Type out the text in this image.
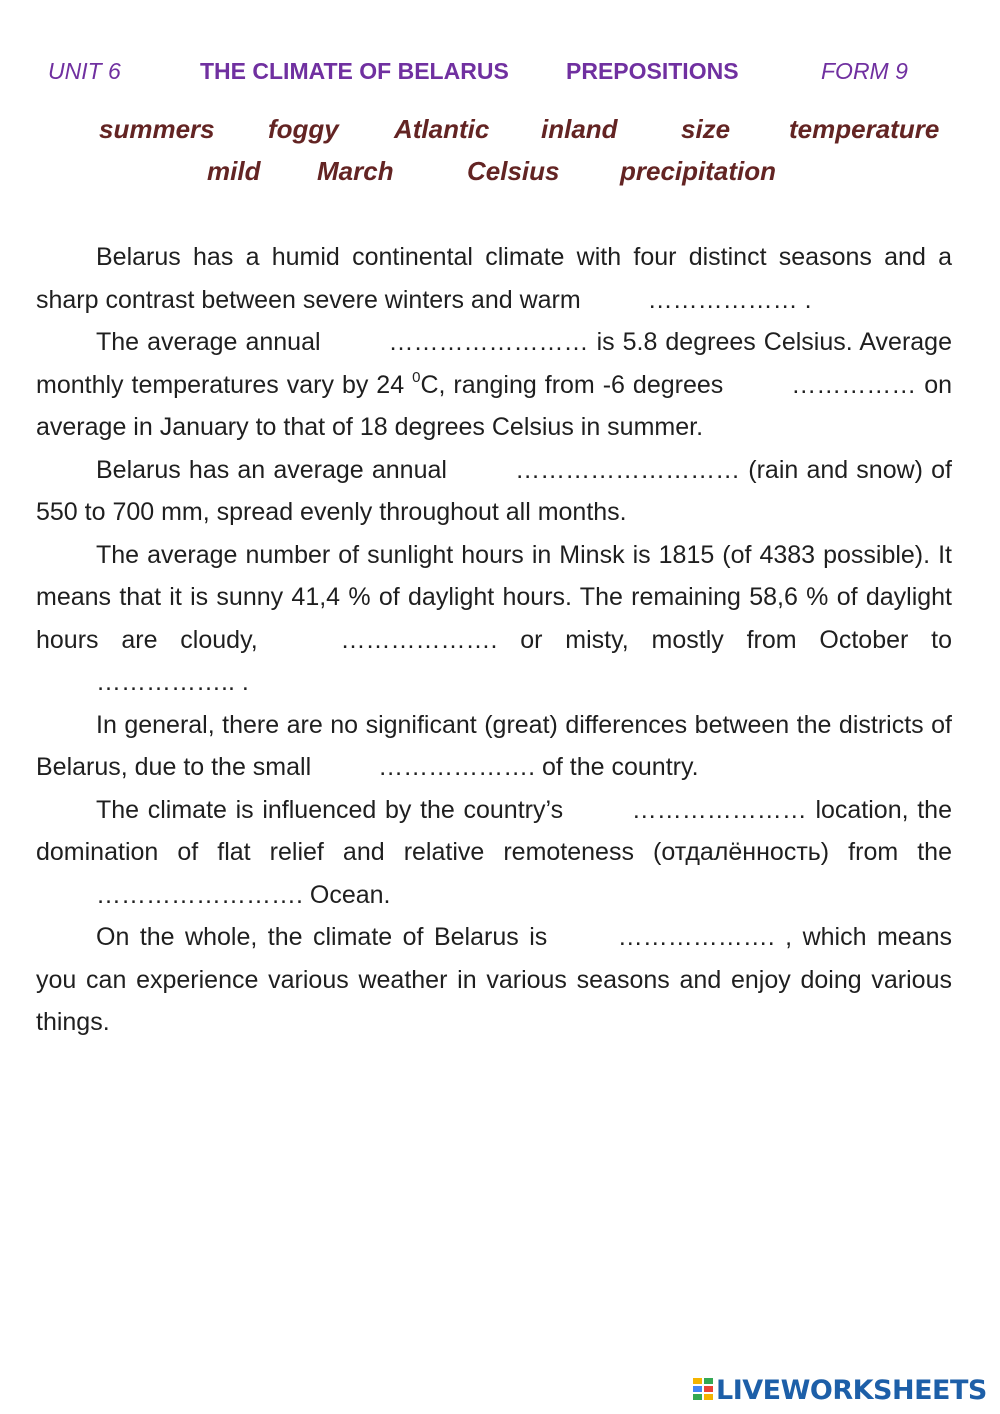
UNIT 6	THE CLIMATE OF BELARUS PREPOSITIONS	FORM 9
summers foggy Atlantic inland size temperature
mild March	Celsius precipitation

Belarus has a humid continental climate with four distinct seasons and a sharp contrast between severe winters and warm ……………… .

The average annual …………………… is 5.8 degrees Celsius. Average monthly temperatures vary by 24 $^0$C, ranging from -6 degrees …………… on average in January to that of 18 degrees Celsius in summer.

Belarus has an average annual ……………………… (rain and snow) of 550 to 700 mm, spread evenly throughout all months.

The average number of sunlight hours in Minsk is 1815 (of 4383 possible). It means that it is sunny 41,4 % of daylight hours. The remaining 58,6 % of daylight hours are cloudy, ………………. or misty, mostly from October to …………….. .

In general, there are no significant (great) differences between the districts of Belarus, due to the small ………………. of the country.

The climate is influenced by the country’s ………………… location, the domination of flat relief and relative remoteness (отдалённость) from the ……………………. Ocean.

On the whole, the climate of Belarus is ………………. , which means you can experience various weather in various seasons and enjoy doing various things.

LIVEWORKSHEETS
